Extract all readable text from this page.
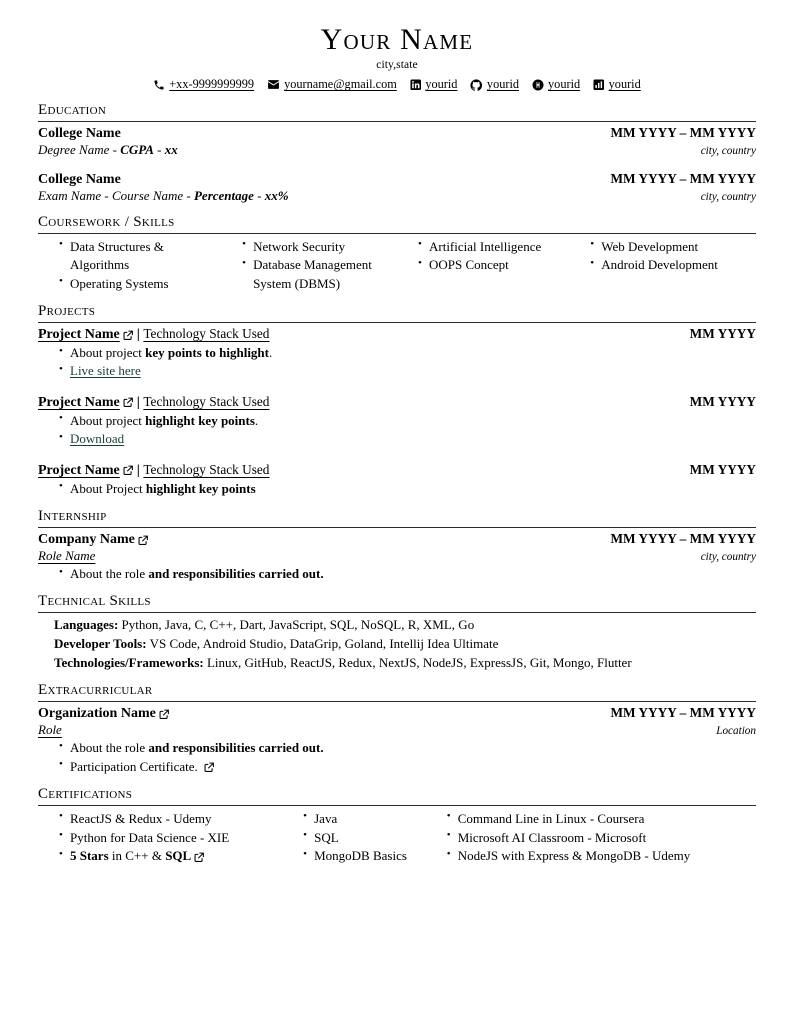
Your Name
city,state
+xx-9999999999 yourname@gmail.com yourid yourid yourid yourid
Education
College Name	MM YYYY – MM YYYY
Degree Name - CGPA - xx	city, country
College Name	MM YYYY – MM YYYY
Exam Name - Course Name - Percentage - xx%	city, country
Coursework / Skills
• Data Structures & Algorithms
• Operating Systems
• Network Security
• Database Management System (DBMS)
• Artificial Intelligence
• OOPS Concept
• Web Development
• Android Development
Projects
Project Name | Technology Stack Used	MM YYYY
• About project key points to highlight.
• Live site here
Project Name | Technology Stack Used	MM YYYY
• About project highlight key points.
• Download
Project Name | Technology Stack Used	MM YYYY
• About Project highlight key points
Internship
Company Name	MM YYYY – MM YYYY
Role Name	city, country
• About the role and responsibilities carried out.
Technical Skills
Languages: Python, Java, C, C++, Dart, JavaScript, SQL, NoSQL, R, XML, Go
Developer Tools: VS Code, Android Studio, DataGrip, Goland, Intellij Idea Ultimate
Technologies/Frameworks: Linux, GitHub, ReactJS, Redux, NextJS, NodeJS, ExpressJS, Git, Mongo, Flutter
Extracurricular
Organization Name	MM YYYY – MM YYYY
Role	Location
• About the role and responsibilities carried out.
• Participation Certificate.
Certifications
• ReactJS & Redux - Udemy
• Python for Data Science - XIE
• 5 Stars in C++ & SQL
• Java
• SQL
• MongoDB Basics
• Command Line in Linux - Coursera
• Microsoft AI Classroom - Microsoft
• NodeJS with Express & MongoDB - Udemy
